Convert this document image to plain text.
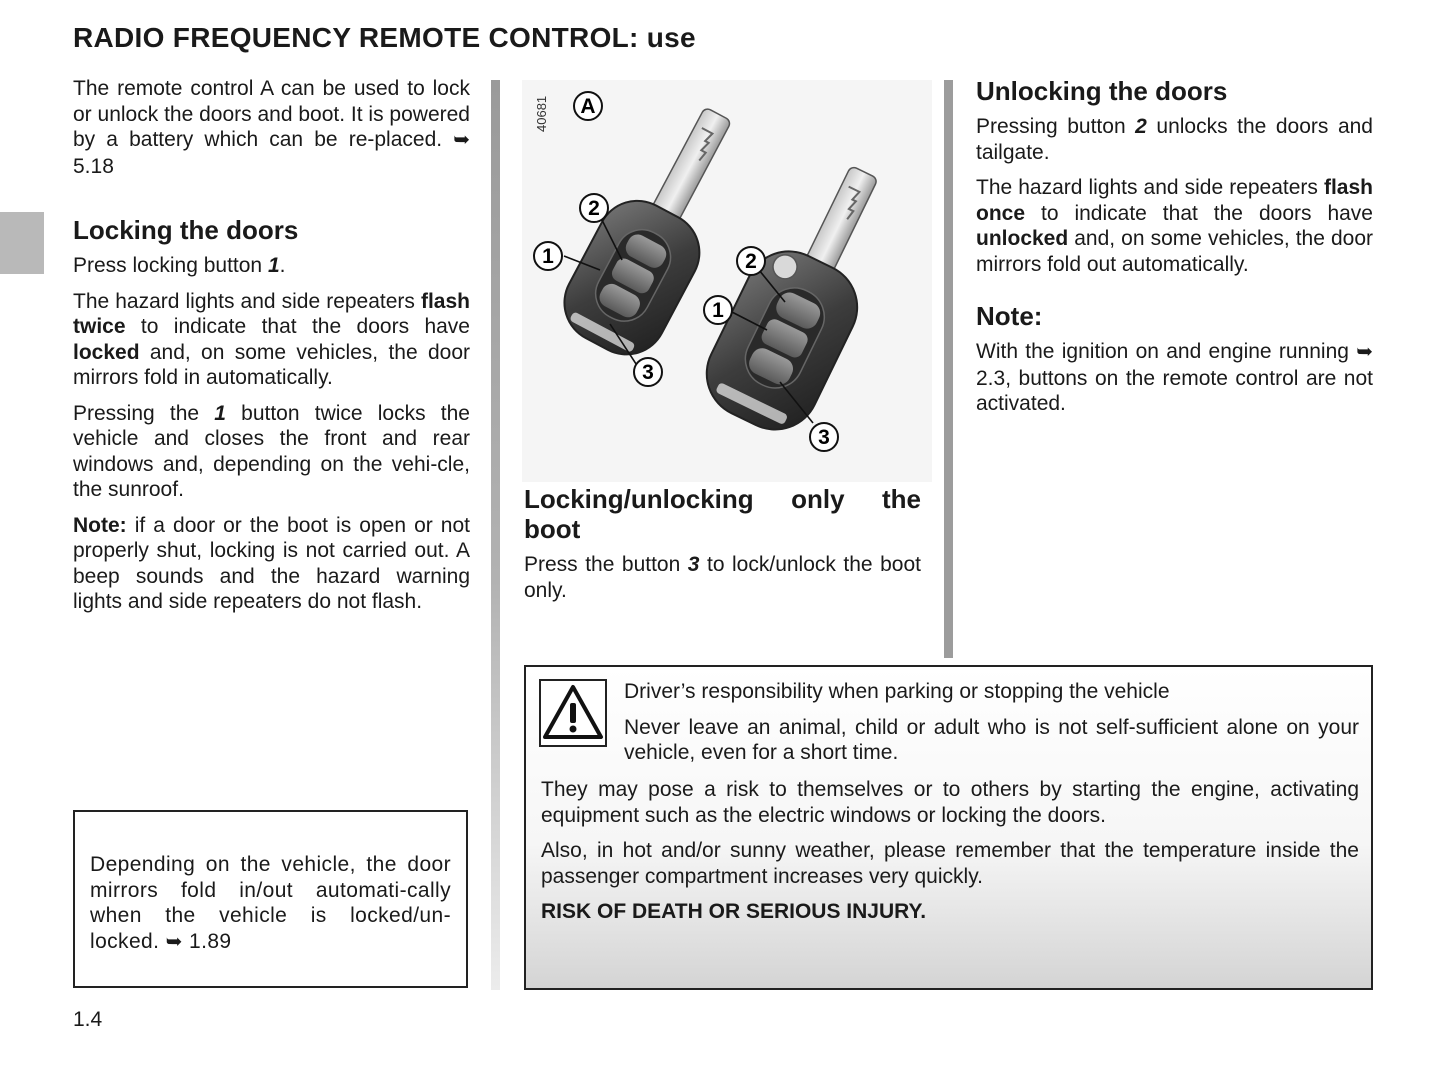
RADIO FREQUENCY REMOTE CONTROL: use

The remote control A can be used to lock or unlock the doors and boot. It is powered by a battery which can be re-placed. ➥ 5.18

Locking the doors

Press locking button 1.

The hazard lights and side repeaters flash twice to indicate that the doors have locked and, on some vehicles, the door mirrors fold in automatically.

Pressing the 1 button twice locks the vehicle and closes the front and rear windows and, depending on the vehi-cle, the sunroof.

Note: if a door or the boot is open or not properly shut, locking is not carried out. A beep sounds and the hazard warning lights and side repeaters do not flash.

Depending on the vehicle, the door mirrors fold in/out automati-cally when the vehicle is locked/un-locked. ➥ 1.89
40681 A
2
1
3
2
1
3
Locking/unlocking only the boot

Press the button 3 to lock/unlock the boot only.

Unlocking the doors

Pressing button 2 unlocks the doors and tailgate.

The hazard lights and side repeaters flash once to indicate that the doors have unlocked and, on some vehicles, the door mirrors fold out automatically.

Note:

With the ignition on and engine running ➥ 2.3, buttons on the remote control are not activated.

Driver’s responsibility when parking or stopping the vehicle

Never leave an animal, child or adult who is not self-sufficient alone on your vehicle, even for a short time.

They may pose a risk to themselves or to others by starting the engine, activating equipment such as the electric windows or locking the doors.

Also, in hot and/or sunny weather, please remember that the temperature inside the passenger compartment increases very quickly.

RISK OF DEATH OR SERIOUS INJURY.

1.4
